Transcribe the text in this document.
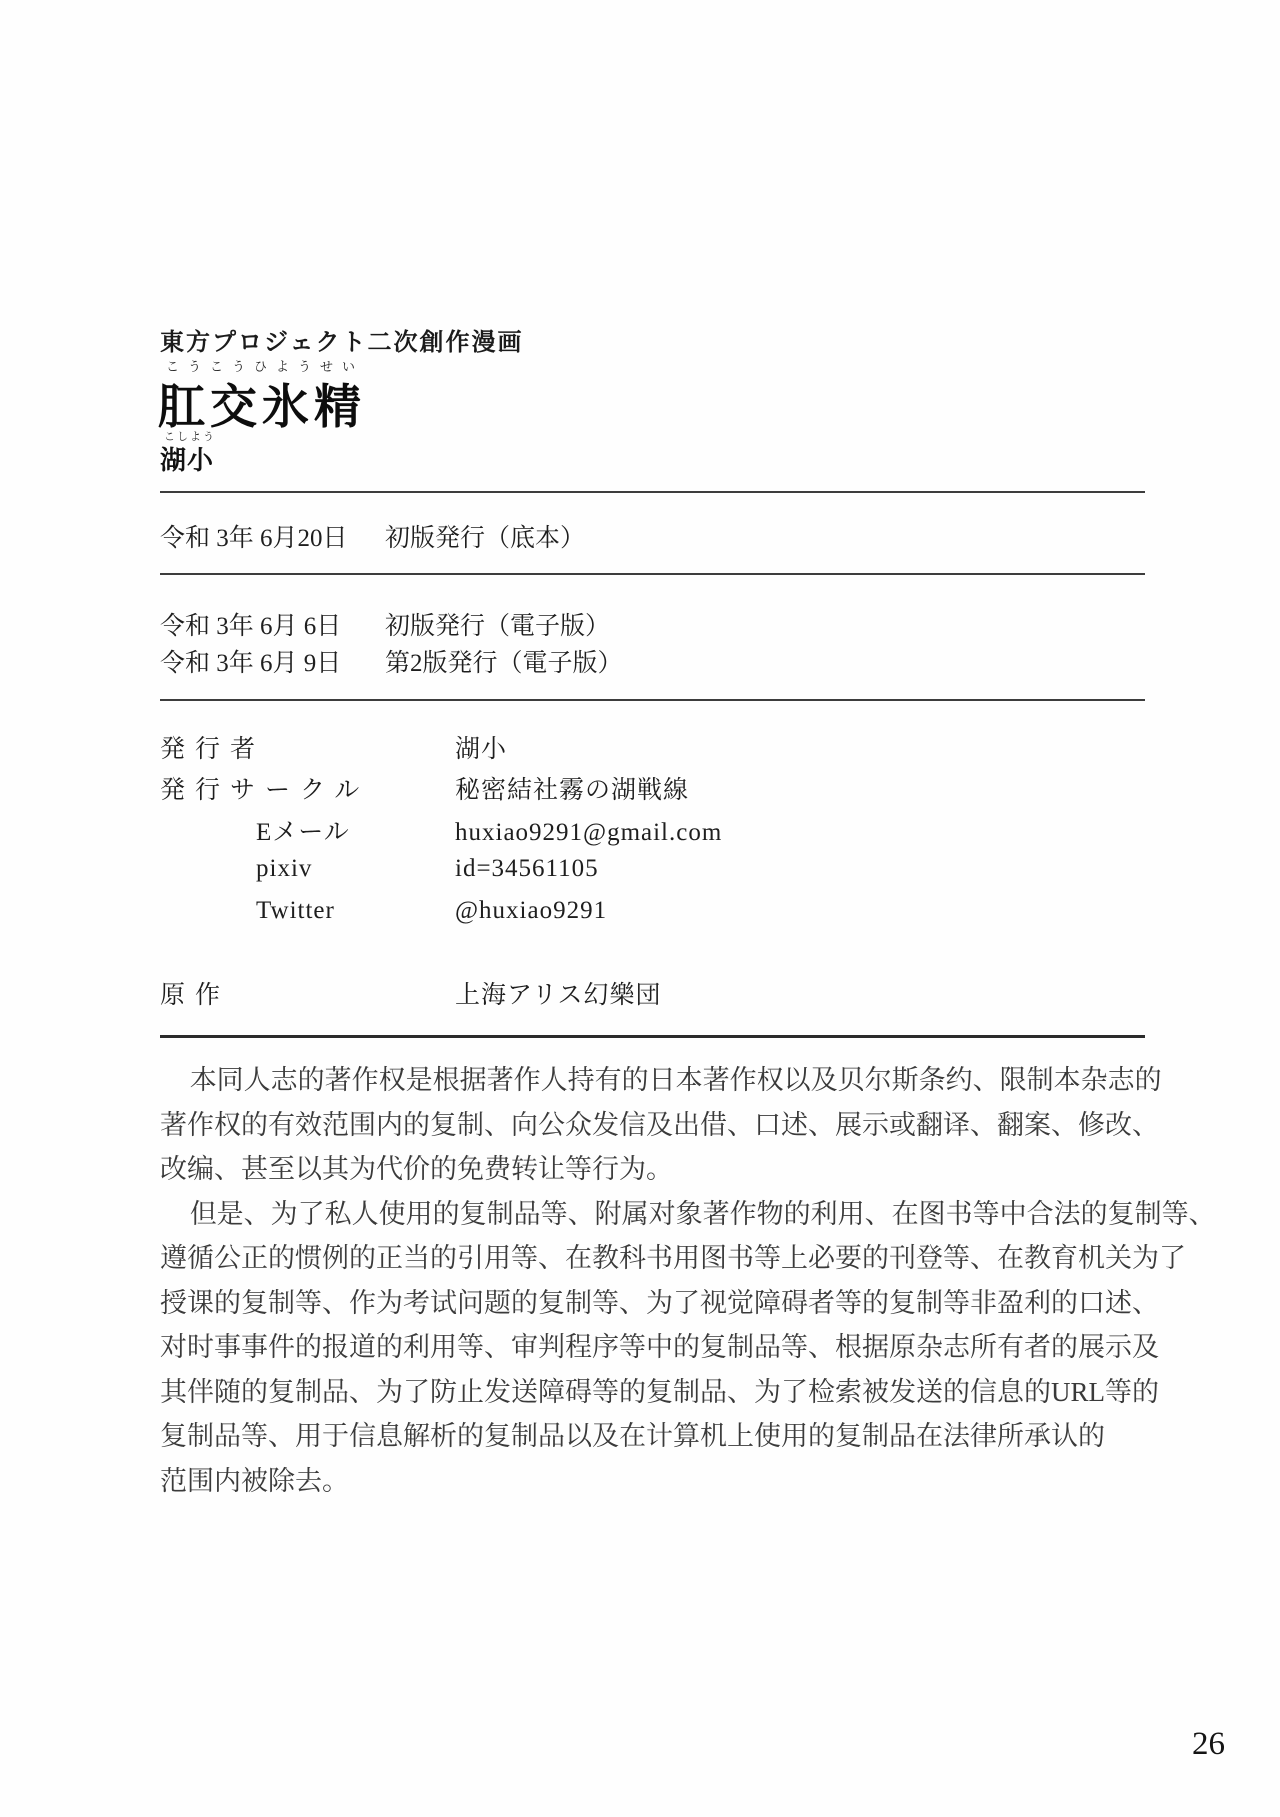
東方プロジェクト二次創作漫画
こうこうひようせい
肛交氷精
こしよう
湖小
令和 3年 6月20日	初版発行（底本）
令和 3年 6月 6日	初版発行（電子版）
令和 3年 6月 9日	第2版発行（電子版）
発行者	湖小
発行サークル	秘密結社霧の湖戦線
Eメール	huxiao9291@gmail.com
pixiv	id=34561105
Twitter	@huxiao9291
原作	上海アリス幻樂団
本同人志的著作权是根据著作人持有的日本著作权以及贝尔斯条约、限制本杂志的
著作权的有效范围内的复制、向公众发信及出借、口述、展示或翻译、翻案、修改、
改编、甚至以其为代价的免费转让等行为。
但是、为了私人使用的复制品等、附属对象著作物的利用、在图书等中合法的复制等、
遵循公正的惯例的正当的引用等、在教科书用图书等上必要的刊登等、在教育机关为了
授课的复制等、作为考试问题的复制等、为了视觉障碍者等的复制等非盈利的口述、
对时事事件的报道的利用等、审判程序等中的复制品等、根据原杂志所有者的展示及
其伴随的复制品、为了防止发送障碍等的复制品、为了检索被发送的信息的URL等的
复制品等、用于信息解析的复制品以及在计算机上使用的复制品在法律所承认的
范围内被除去。
26
